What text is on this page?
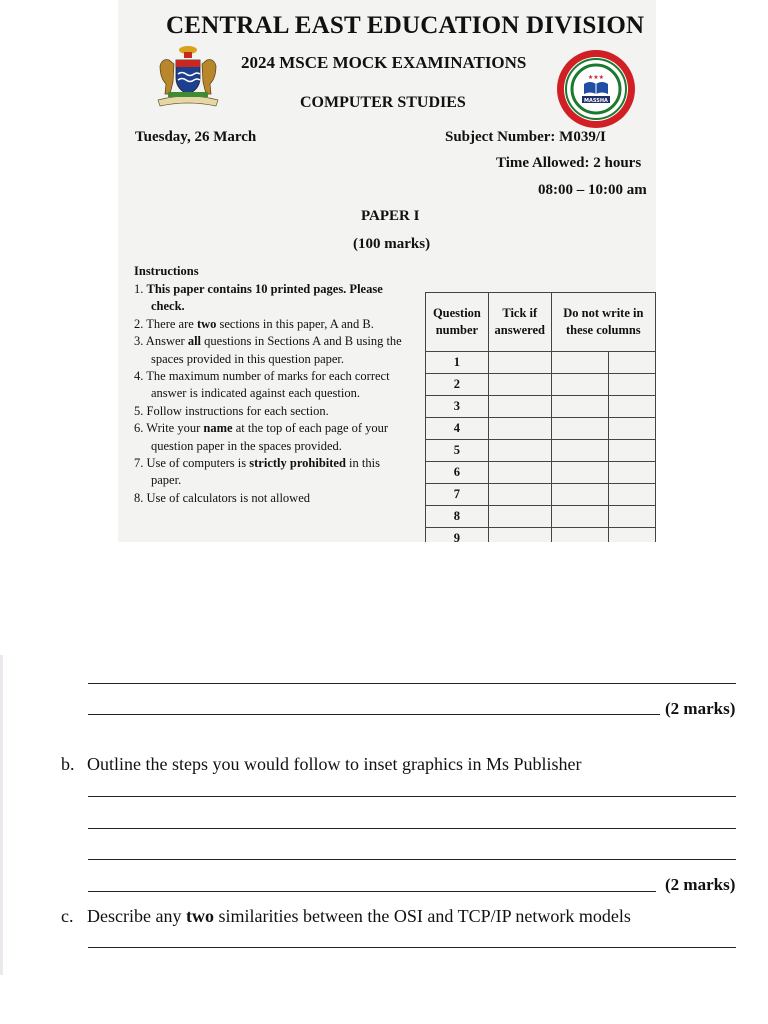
CENTRAL EAST EDUCATION DIVISION
2024 MSCE MOCK EXAMINATIONS
COMPUTER STUDIES	MASSHA
★★★
Tuesday, 26 March	Subject Number: M039/I
Time Allowed: 2 hours
08:00 – 10:00 am
PAPER I
(100 marks)
Instructions
1. This paper contains 10 printed pages. Please check.
2. There are two sections in this paper, A and B.
3. Answer all questions in Sections A and B using the spaces provided in this question paper.
4. The maximum number of marks for each correct answer is indicated against each question.
5. Follow instructions for each section.
6. Write your name at the top of each page of your question paper in the spaces provided.
7. Use of computers is strictly prohibited in this paper.
8. Use of calculators is not allowed
Question number	Tick if answered	Do not write in these columns	
1			
2			
3			
4			
5			
6			
7			
8			
9			
(2 marks)
b. Outline the steps you would follow to inset graphics in Ms Publisher
(2 marks)
c. Describe any two similarities between the OSI and TCP/IP network models
